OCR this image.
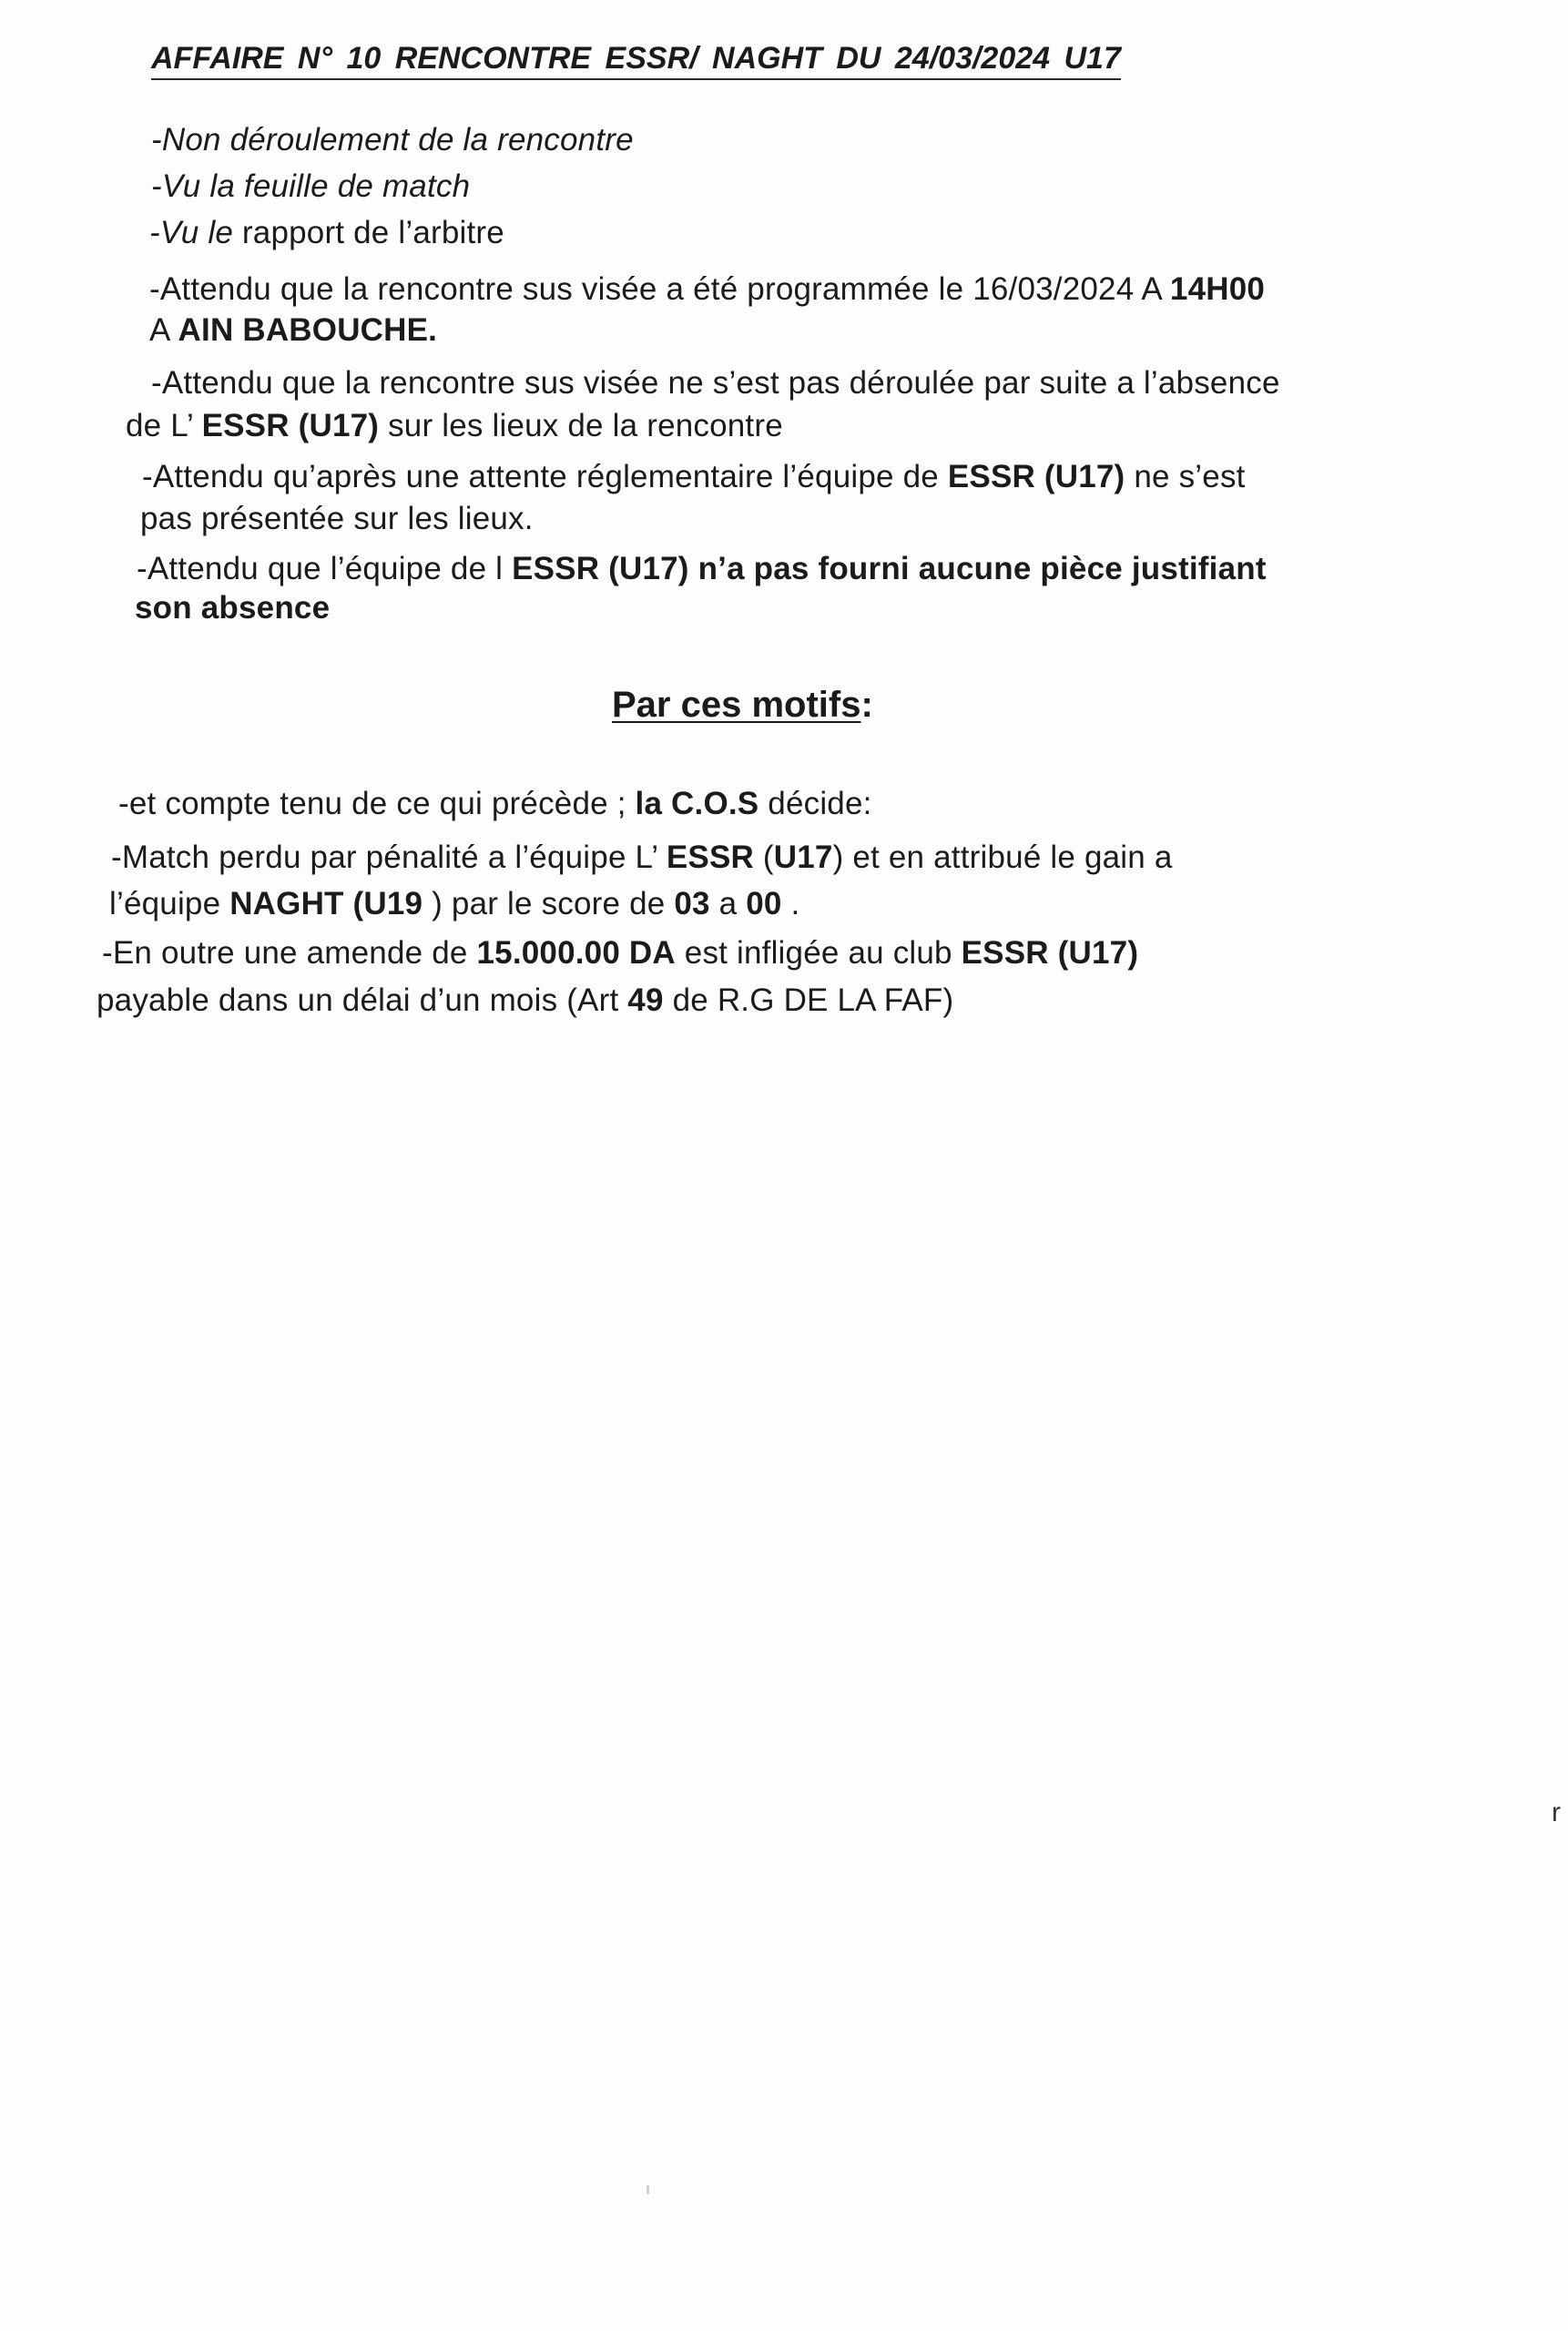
AFFAIRE N° 10 RENCONTRE ESSR/ NAGHT DU 24/03/2024 U17
-Non déroulement de la rencontre
-Vu la feuille de match
-Vu le rapport de l’arbitre
-Attendu que la rencontre sus visée a été programmée le 16/03/2024 A 14H00
A AIN BABOUCHE.
-Attendu que la rencontre sus visée ne s’est pas déroulée par suite a l’absence
de L’ ESSR (U17) sur les lieux de la rencontre
-Attendu qu’après une attente réglementaire l’équipe de ESSR (U17) ne s’est
pas présentée sur les lieux.
-Attendu que l’équipe de l ESSR (U17) n’a pas fourni aucune pièce justifiant
son absence
Par ces motifs:
-et compte tenu de ce qui précède ; la C.O.S décide:
-Match perdu par pénalité a l’équipe L’ ESSR (U17) et en attribué le gain a
l’équipe NAGHT (U19 ) par le score de 03 a 00 .
-En outre une amende de 15.000.00 DA est infligée au club ESSR (U17)
payable dans un délai d’un mois (Art 49 de R.G DE LA FAF)
r
